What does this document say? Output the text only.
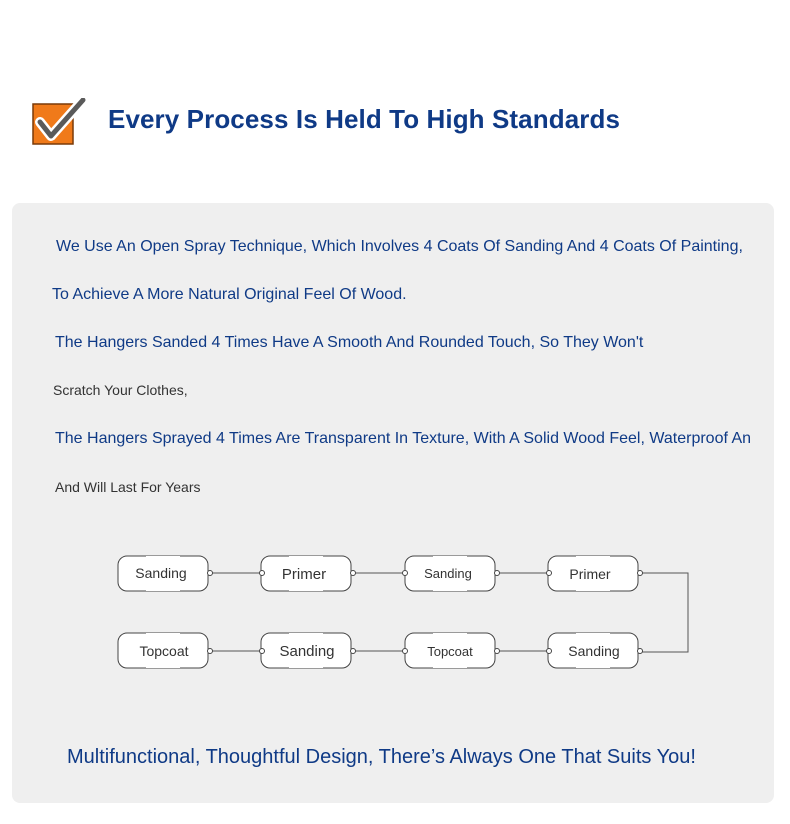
Every Process Is Held To High Standards
We Use An Open Spray Technique, Which Involves 4 Coats Of Sanding And 4 Coats Of Painting,
To Achieve A More Natural Original Feel Of Wood.
The Hangers Sanded 4 Times Have A Smooth And Rounded Touch, So They Won't
Scratch Your Clothes,
The Hangers Sprayed 4 Times Are Transparent In Texture, With A Solid Wood Feel, Waterproof An
And Will Last For Years
Sanding	Primer	Sanding	Primer
Sanding
Sanding
Topcoat	Topcoat
Multifunctional, Thoughtful Design, There’s Always One That Suits You!
